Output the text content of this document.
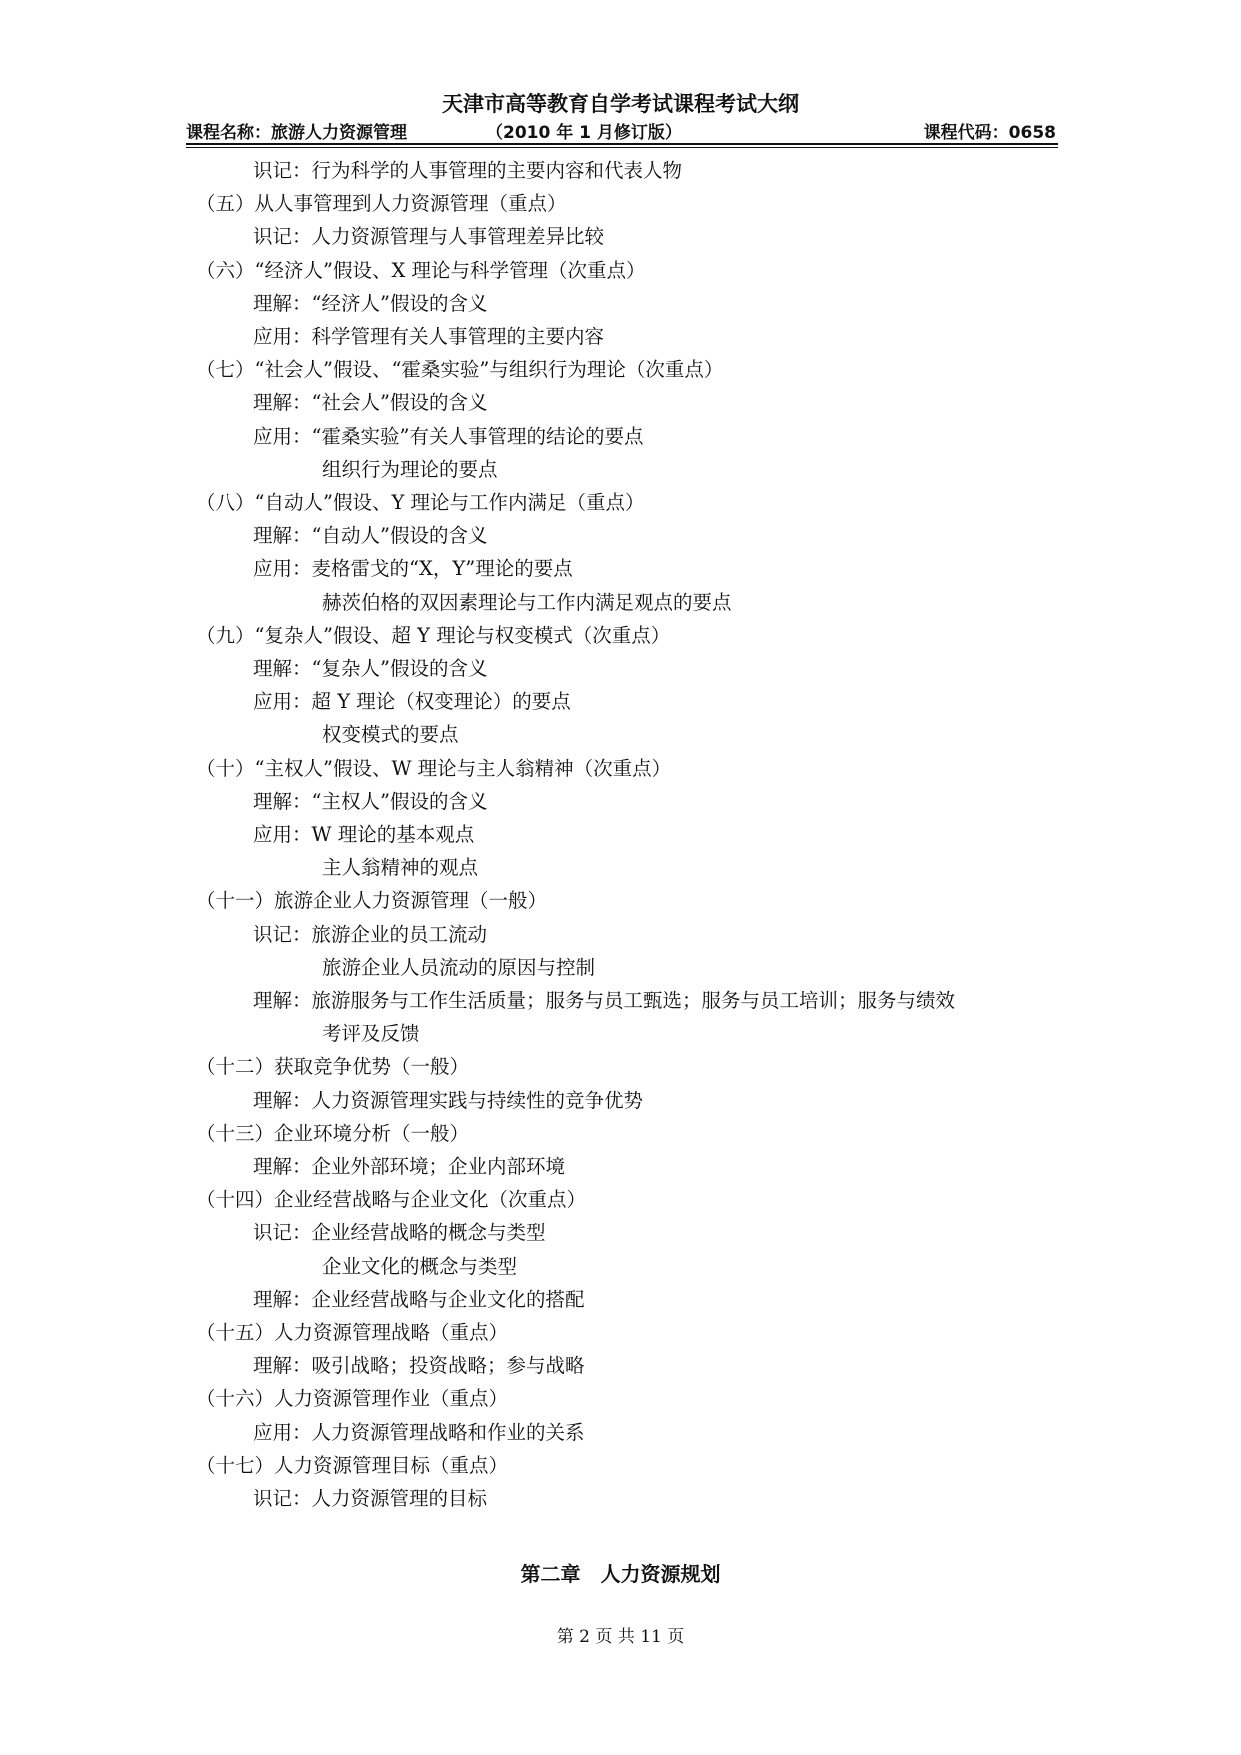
天津市高等教育自学考试课程考试大纲
课程名称：旅游人力资源管理	（2010 年 1 月修订版）	课程代码：0658
识记：行为科学的人事管理的主要内容和代表人物
（五）从人事管理到人力资源管理（重点）
识记：人力资源管理与人事管理差异比较
（六）“经济人”假设、X 理论与科学管理（次重点）
理解：“经济人”假设的含义
应用：科学管理有关人事管理的主要内容
（七）“社会人”假设、“霍桑实验”与组织行为理论（次重点）
理解：“社会人”假设的含义
应用：“霍桑实验”有关人事管理的结论的要点
组织行为理论的要点
（八）“自动人”假设、Y 理论与工作内满足（重点）
理解：“自动人”假设的含义
应用：麦格雷戈的“X，Y”理论的要点
赫茨伯格的双因素理论与工作内满足观点的要点
（九）“复杂人”假设、超 Y 理论与权变模式（次重点）
理解：“复杂人”假设的含义
应用：超 Y 理论（权变理论）的要点
权变模式的要点
（十）“主权人”假设、W 理论与主人翁精神（次重点）
理解：“主权人”假设的含义
应用：W 理论的基本观点
主人翁精神的观点
（十一）旅游企业人力资源管理（一般）
识记：旅游企业的员工流动
旅游企业人员流动的原因与控制
理解：旅游服务与工作生活质量；服务与员工甄选；服务与员工培训；服务与绩效
考评及反馈
（十二）获取竞争优势（一般）
理解：人力资源管理实践与持续性的竞争优势
（十三）企业环境分析（一般）
理解：企业外部环境；企业内部环境
（十四）企业经营战略与企业文化（次重点）
识记：企业经营战略的概念与类型
企业文化的概念与类型
理解：企业经营战略与企业文化的搭配
（十五）人力资源管理战略（重点）
理解：吸引战略；投资战略；参与战略
（十六）人力资源管理作业（重点）
应用：人力资源管理战略和作业的关系
（十七）人力资源管理目标（重点）
识记：人力资源管理的目标
第二章　人力资源规划
第 2 页 共 11 页
